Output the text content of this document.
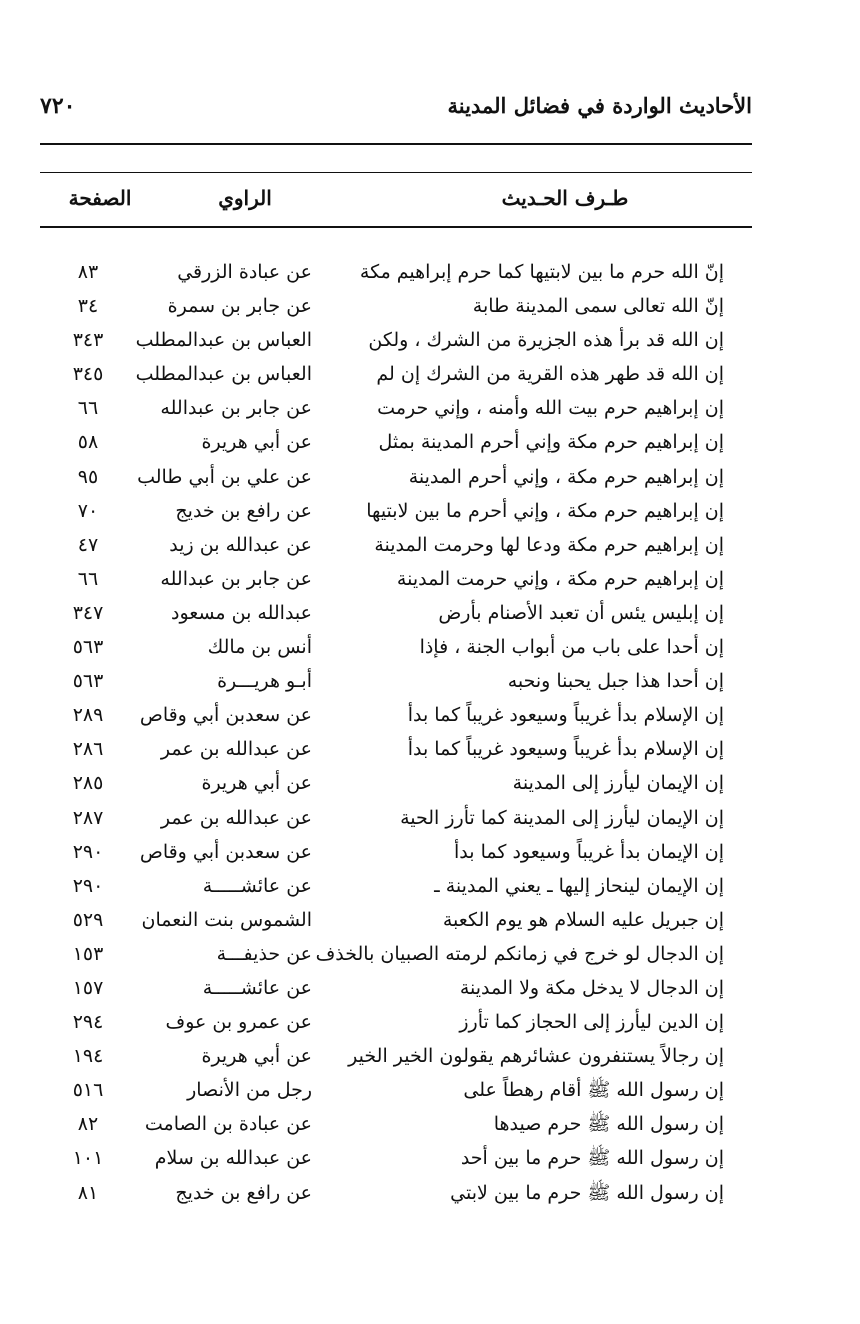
٧٢٠	الأحاديث الواردة في فضائل المدينة
طـرف الحـديث
الراوي
الصفحة
إنّ الله حرم ما بين لابتيها كما حرم إبراهيم مكة
عن عبادة الزرقي
٨٣
إنّ الله تعالى سمى المدينة طابة
عن جابر بن سمرة
٣٤
إن الله قد برأ هذه الجزيرة من الشرك ، ولكن
العباس بن عبدالمطلب
٣٤٣
إن الله قد طهر هذه القرية من الشرك إن لم
العباس بن عبدالمطلب
٣٤٥
إن إبراهيم حرم بيت الله وأمنه ، وإني حرمت
عن جابر بن عبدالله
٦٦
إن إبراهيم حرم مكة وإني أحرم المدينة بمثل
عن أبي هريرة
٥٨
إن إبراهيم حرم مكة ، وإني أحرم المدينة
عن علي بن أبي طالب
٩٥
إن إبراهيم حرم مكة ، وإني أحرم ما بين لابتيها
عن رافع بن خديج
٧٠
إن إبراهيم حرم مكة ودعا لها وحرمت المدينة
عن عبدالله بن زيد
٤٧
إن إبراهيم حرم مكة ، وإني حرمت المدينة
عن جابر بن عبدالله
٦٦
إن إبليس يئس أن تعبد الأصنام بأرض
عبدالله بن مسعود
٣٤٧
إن أحدا على باب من أبواب الجنة ، فإذا
أنس بن مالك
٥٦٣
إن أحدا هذا جبل يحبنا ونحبه
أبـو هريـــرة
٥٦٣
إن الإسلام بدأ غريباً وسيعود غريباً كما بدأ
عن سعدبن أبي وقاص
٢٨٩
إن الإسلام بدأ غريباً وسيعود غريباً كما بدأ
عن عبدالله بن عمر
٢٨٦
إن الإيمان ليأرز إلى المدينة
عن أبي هريرة
٢٨٥
إن الإيمان ليأرز إلى المدينة كما تأرز الحية
عن عبدالله بن عمر
٢٨٧
إن الإيمان بدأ غريباً وسيعود كما بدأ
عن سعدبن أبي وقاص
٢٩٠
إن الإيمان لينحاز إليها ـ يعني المدينة ـ
عن عائشـــــة
٢٩٠
إن جبريل عليه السلام هو يوم الكعبة
الشموس بنت النعمان
٥٢٩
إن الدجال لو خرج في زمانكم لرمته الصبيان بالخذف
عن حذيفـــة
١٥٣
إن الدجال لا يدخل مكة ولا المدينة
عن عائشـــــة
١٥٧
إن الدين ليأرز إلى الحجاز كما تأرز
عن عمرو بن عوف
٢٩٤
إن رجالاً يستنفرون عشائرهم يقولون الخير الخير
عن أبي هريرة
١٩٤
إن رسول الله ﷺ أقام رهطاً على
رجل من الأنصار
٥١٦
إن رسول الله ﷺ حرم صيدها
عن عبادة بن الصامت
٨٢
إن رسول الله ﷺ حرم ما بين أحد
عن عبدالله بن سلام
١٠١
إن رسول الله ﷺ حرم ما بين لابتي
عن رافع بن خديج
٨١
